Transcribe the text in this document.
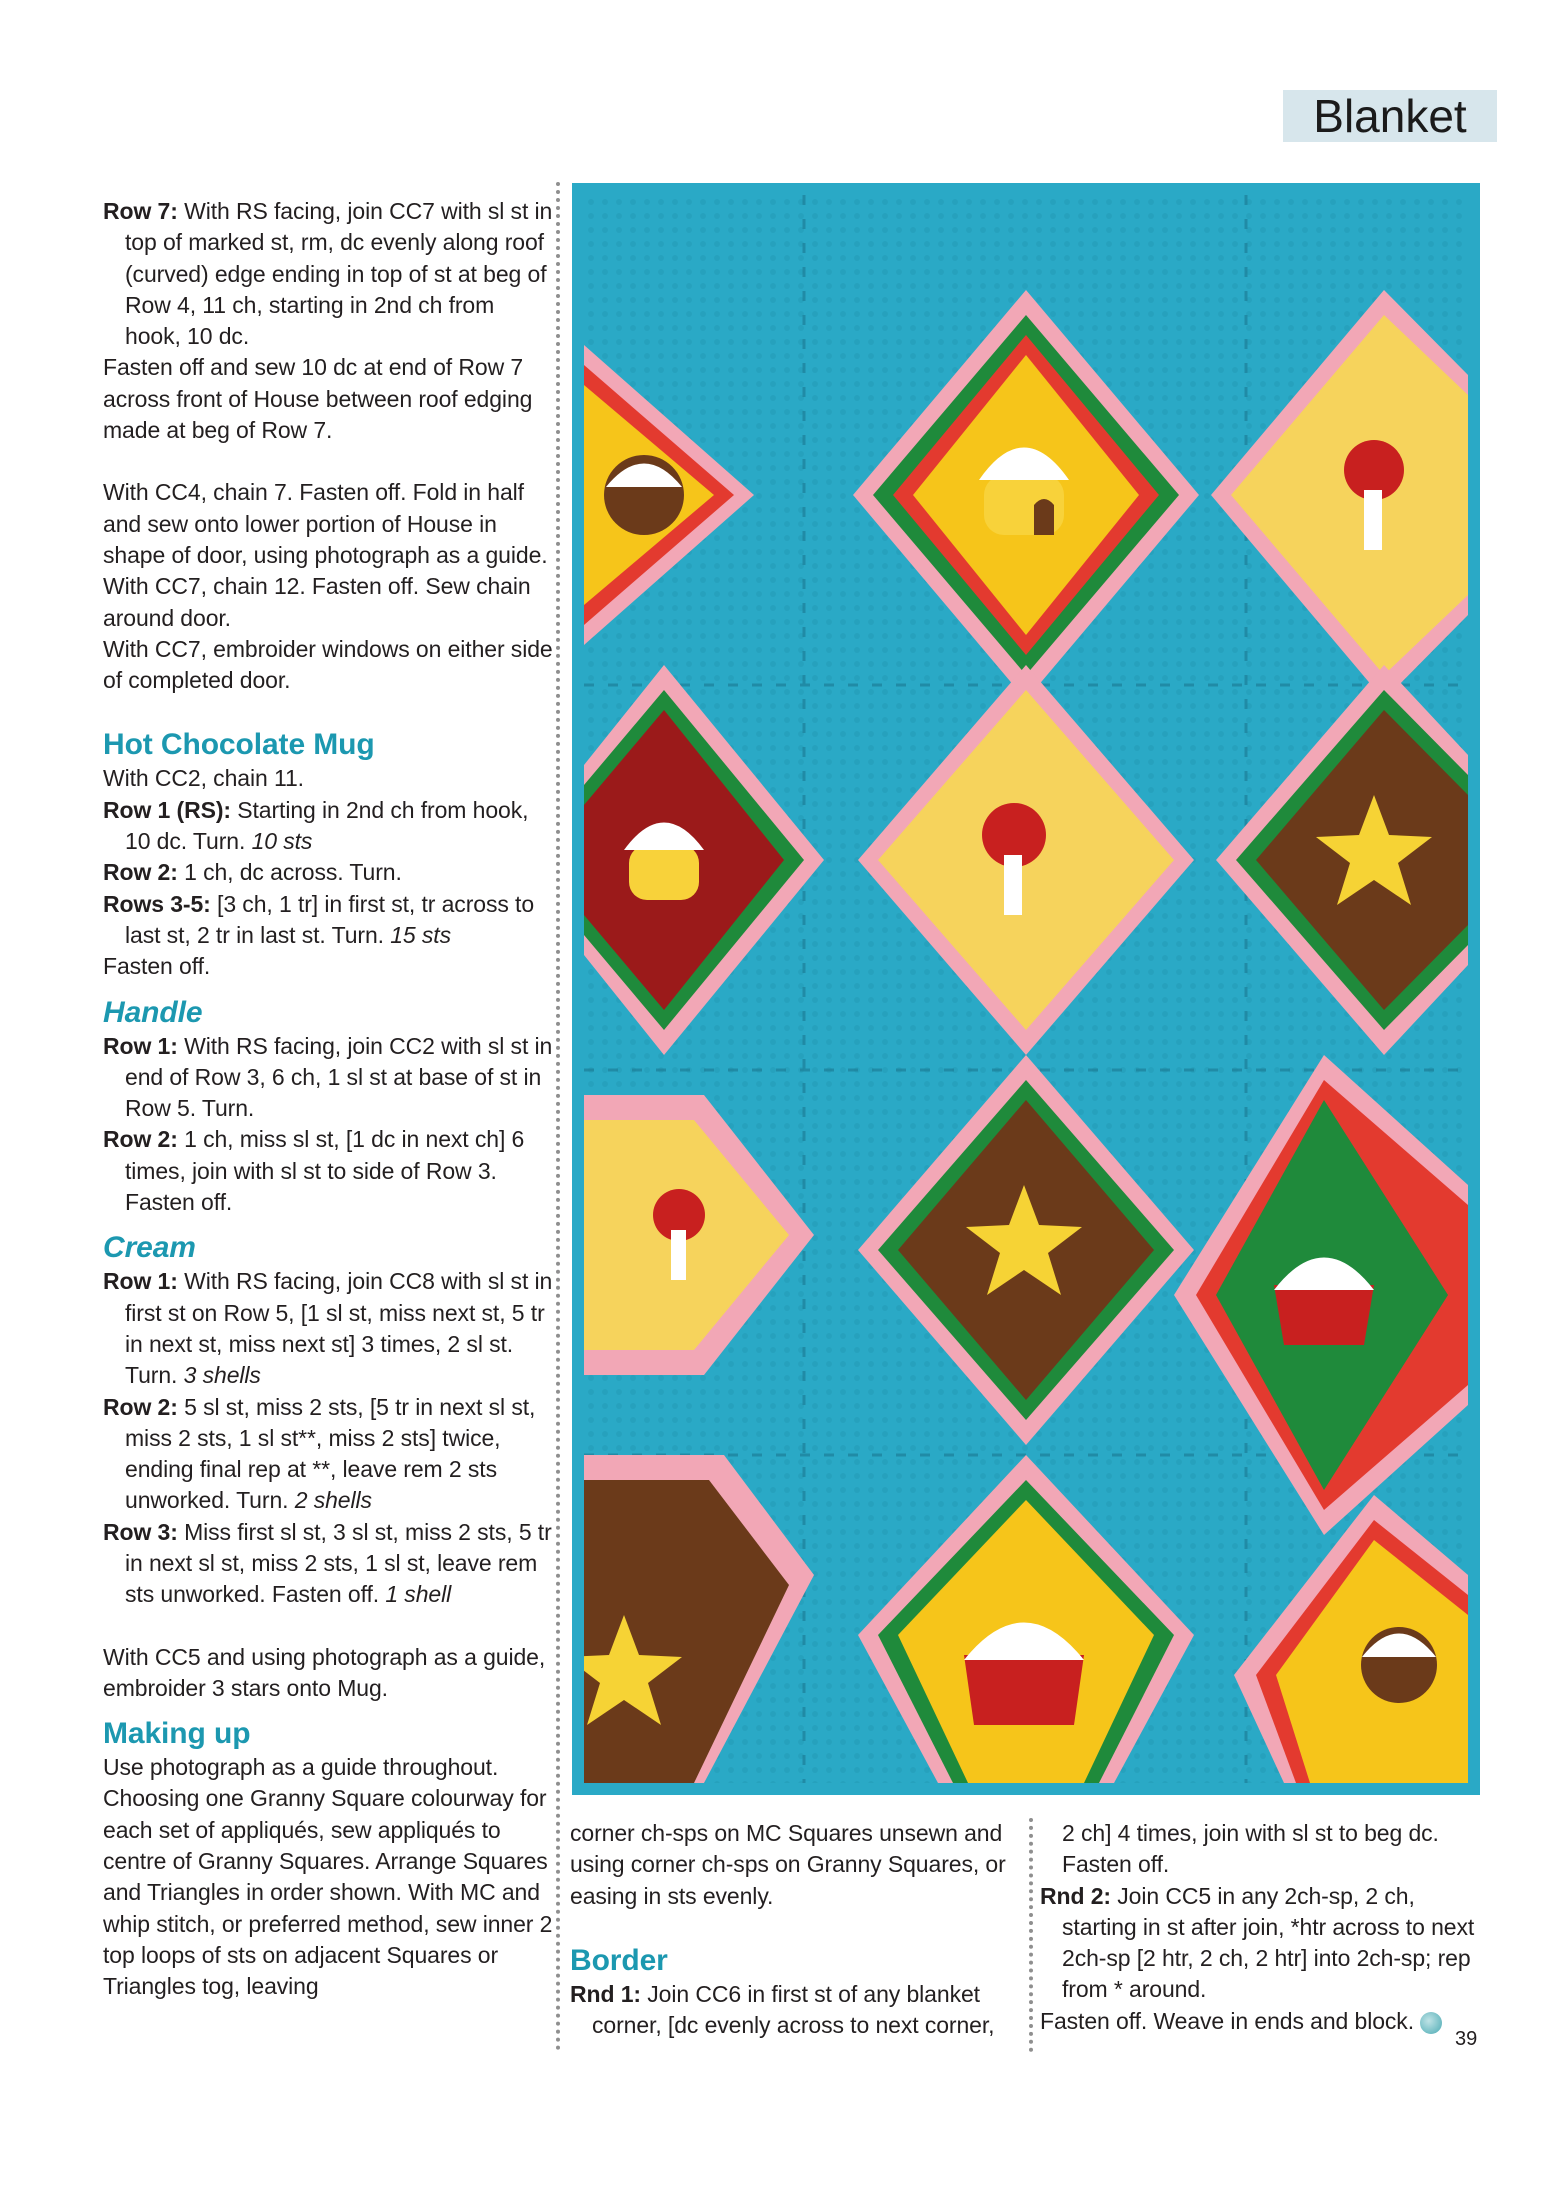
Blanket

Row 7: With RS facing, join CC7 with sl st in top of marked st, rm, dc evenly along roof (curved) edge ending in top of st at beg of Row 4, 11 ch, starting in 2nd ch from hook, 10 dc.

Fasten off and sew 10 dc at end of Row 7 across front of House between roof edging made at beg of Row 7.

With CC4, chain 7. Fasten off. Fold in half and sew onto lower portion of House in shape of door, using photograph as a guide.

With CC7, chain 12. Fasten off. Sew chain around door.

With CC7, embroider windows on either side of completed door.

Hot Chocolate Mug

With CC2, chain 11.

Row 1 (RS): Starting in 2nd ch from hook, 10 dc. Turn. 10 sts

Row 2: 1 ch, dc across. Turn.

Rows 3-5: [3 ch, 1 tr] in first st, tr across to last st, 2 tr in last st. Turn. 15 sts

Fasten off.

Handle

Row 1: With RS facing, join CC2 with sl st in end of Row 3, 6 ch, 1 sl st at base of st in Row 5. Turn.

Row 2: 1 ch, miss sl st, [1 dc in next ch] 6 times, join with sl st to side of Row 3. Fasten off.

Cream

Row 1: With RS facing, join CC8 with sl st in first st on Row 5, [1 sl st, miss next st, 5 tr in next st, miss next st] 3 times, 2 sl st. Turn. 3 shells

Row 2: 5 sl st, miss 2 sts, [5 tr in next sl st, miss 2 sts, 1 sl st**, miss 2 sts] twice, ending final rep at **, leave rem 2 sts unworked. Turn. 2 shells

Row 3: Miss first sl st, 3 sl st, miss 2 sts, 5 tr in next sl st, miss 2 sts, 1 sl st, leave rem sts unworked. Fasten off. 1 shell

With CC5 and using photograph as a guide, embroider 3 stars onto Mug.

Making up

Use photograph as a guide throughout. Choosing one Granny Square colourway for each set of appliqués, sew appliqués to centre of Granny Squares. Arrange Squares and Triangles in order shown. With MC and whip stitch, or preferred method, sew inner 2 top loops of sts on adjacent Squares or Triangles tog, leaving

corner ch-sps on MC Squares unsewn and using corner ch-sps on Granny Squares, or easing in sts evenly.

Border

Rnd 1: Join CC6 in first st of any blanket corner, [dc evenly across to next corner,

2 ch] 4 times, join with sl st to beg dc. Fasten off.

Rnd 2: Join CC5 in any 2ch-sp, 2 ch, starting in st after join, *htr across to next 2ch-sp [2 htr, 2 ch, 2 htr] into 2ch-sp; rep from * around.

Fasten off. Weave in ends and block.

39
